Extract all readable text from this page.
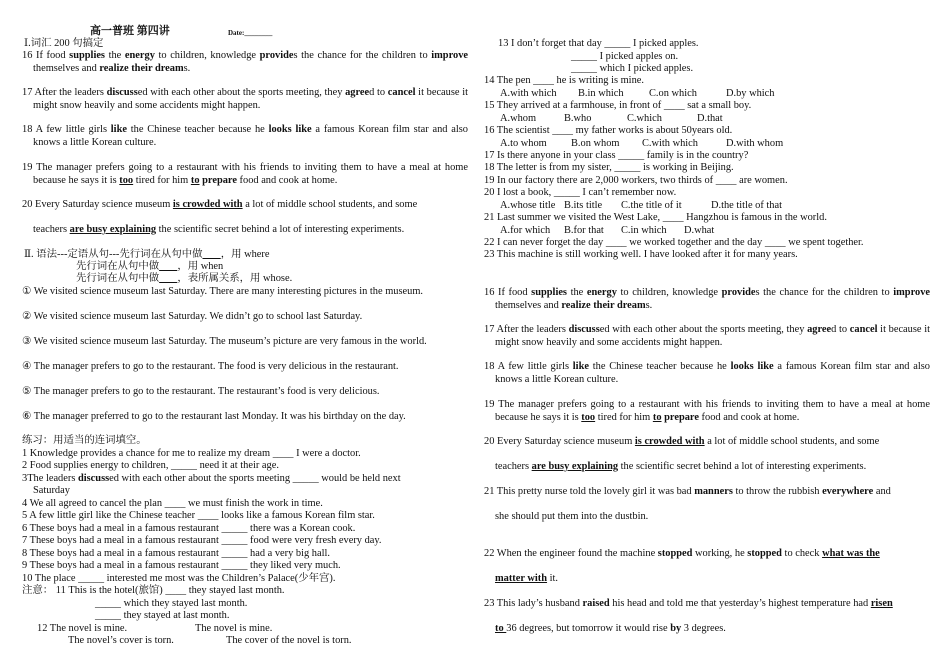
高一普班 第四讲	Date:________
Ⅰ.词汇 200 句搞定
16 If food supplies the energy to children, knowledge provides the chance for the children to improve themselves and realize their dreams.
17 After the leaders discussed with each other about the sports meeting, they agreed to cancel it because it might snow heavily and some accidents might happen.
18 A few little girls like the Chinese teacher because he looks like a famous Korean film star and also knows a little Korean culture.
19 The manager prefers going to a restaurant with his friends to inviting them to have a meal at home because he says it is too tired for him to prepare food and cook at home.
20 Every Saturday science museum is crowded with a lot of middle school students, and some
teachers are busy explaining the scientific secret behind a lot of interesting experiments.
Ⅱ. 语法---定语从句---先行词在从句中做 ，用 where
先行词在从句中做 ，用 when
先行词在从句中做 ，表所属关系，用 whose.
① We visited science museum last Saturday. There are many interesting pictures in the museum.
② We visited science museum last Saturday. We didn’t go to school last Saturday.
③ We visited science museum last Saturday. The museum’s picture are very famous in the world.
④ The manager prefers to go to the restaurant. The food is very delicious in the restaurant.
⑤ The manager prefers to go to the restaurant. The restaurant’s food is very delicious.
⑥ The manager preferred to go to the restaurant last Monday. It was his birthday on the day.
练习：用适当的连词填空。
1 Knowledge provides a chance for me to realize my dream ____ I were a doctor.
2 Food supplies energy to children, _____ need it at their age.
3The leaders discussed with each other about the sports meeting _____ would be held next
Saturday
4 We all agreed to cancel the plan ____ we must finish the work in time.
5 A few little girl like the Chinese teacher ____ looks like a famous Korean film star.
6 These boys had a meal in a famous restaurant _____ there was a Korean cook.
7 These boys had a meal in a famous restaurant _____ food were very fresh every day.
8 These boys had a meal in a famous restaurant _____ had a very big hall.
9 These boys had a meal in a famous restaurant _____ they liked very much.
10 The place _____ interested me most was the Children’s Palace(少年宫).
注意： 11 This is the hotel(旅馆) ____ they stayed last month.
_____ which they stayed last month.
_____ they stayed at last month.
12 The novel is mine.	The novel is mine.
The novel’s cover is torn.	The cover of the novel is torn.
13 I don’t forget that day _____ I picked apples.
_____ I picked apples on.
_____ which I picked apples.
14 The pen ____ he is writing is mine.
A.with which B.in which C.on which	D.by which
15 They arrived at a farmhouse, in front of ____ sat a small boy.
A.whom	B.who	C.which	D.that
16 The scientist ____ my father works is about 50years old.
A.to whom B.on whom C.with which	D.with whom
17 Is there anyone in your class _____ family is in the country?
18 The letter is from my sister, _____ is working in Beijing.
19 In our factory there are 2,000 workers, two thirds of ____ are women.
20 I lost a book, _____ I can’t remember now.
A.whose title B.its title C.the title of it	D.the title of that
21 Last summer we visited the West Lake, ____ Hangzhou is famous in the world.
A.for which B.for that C.in which D.what
22 I can never forget the day ____ we worked together and the day ____ we spent together.
23 This machine is still working well. I have looked after it for many years.
16 If food supplies the energy to children, knowledge provides the chance for the children to improve themselves and realize their dreams.
17 After the leaders discussed with each other about the sports meeting, they agreed to cancel it because it might snow heavily and some accidents might happen.
18 A few little girls like the Chinese teacher because he looks like a famous Korean film star and also knows a little Korean culture.
19 The manager prefers going to a restaurant with his friends to inviting them to have a meal at home because he says it is too tired for him to prepare food and cook at home.
20 Every Saturday science museum is crowded with a lot of middle school students, and some
teachers are busy explaining the scientific secret behind a lot of interesting experiments.
21 This pretty nurse told the lovely girl it was bad manners to throw the rubbish everywhere and
she should put them into the dustbin.
22 When the engineer found the machine stopped working, he stopped to check what was the
matter with it.
23 This lady’s husband raised his head and told me that yesterday’s highest temperature had risen
to 36 degrees, but tomorrow it would rise by 3 degrees.
